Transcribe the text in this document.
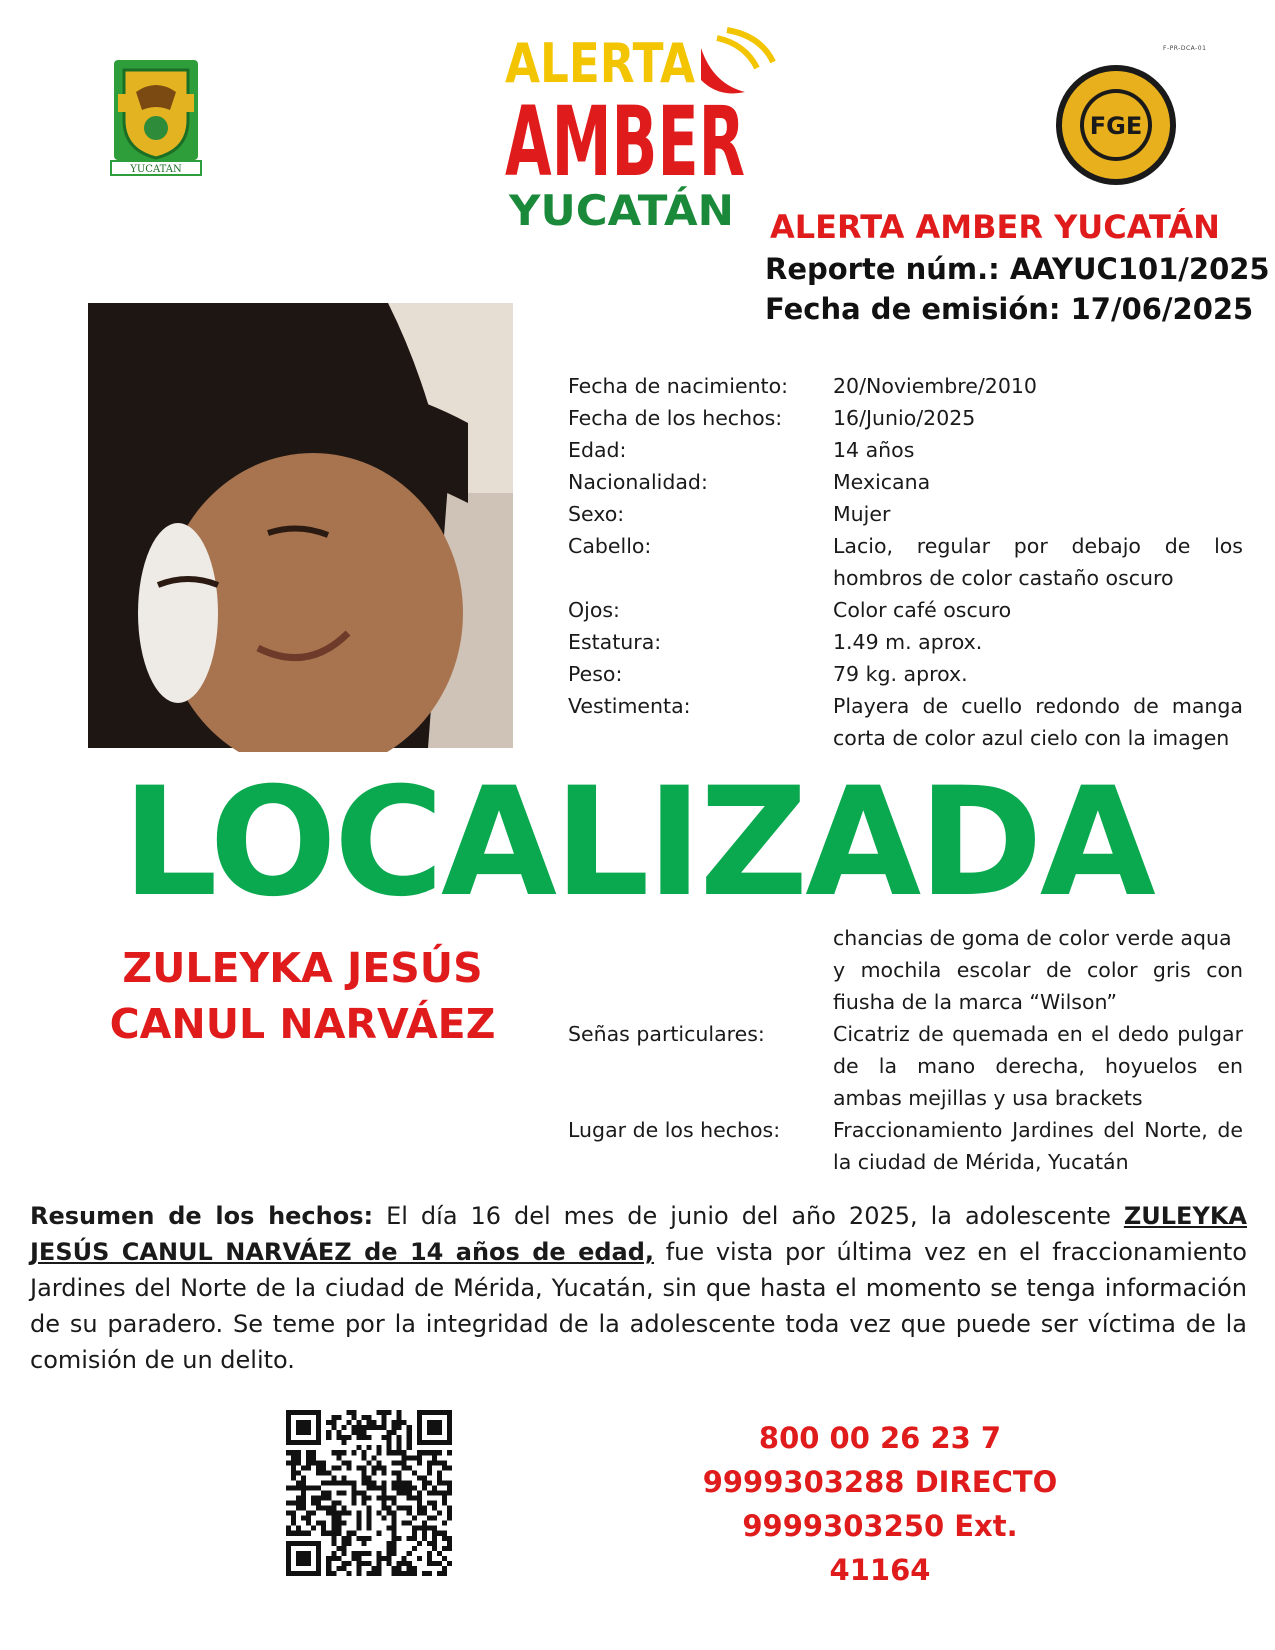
YUCATAN
F-PR-DCA-01
FGE
ALERTA
AMBER
YUCATÁN ALERTA AMBER YUCATÁN
Reporte núm.: AAYUC101/2025
Fecha de emisión: 17/06/2025
Fecha de nacimiento:	20/Noviembre/2010
Fecha de los hechos:	16/Junio/2025
Edad:	14 años
Nacionalidad:	Mexicana
Sexo:	Mujer
Cabello:	Lacio, regular por debajo de los hombros de color castaño oscuro
Ojos:	Color café oscuro
Estatura:	1.49 m. aprox.
Peso:	79 kg. aprox.
Vestimenta:	Playera de cuello redondo de manga corta de color azul cielo con la imagen
LOCALIZADA
chancias de goma de color verde aqua
y mochila escolar de color gris con fiusha de la marca “Wilson”
Señas particulares:	Cicatriz de quemada en el dedo pulgar de la mano derecha, hoyuelos en ambas mejillas y usa brackets
Lugar de los hechos:	Fraccionamiento Jardines del Norte, de la ciudad de Mérida, Yucatán
ZULEYKA JESÚS
CANUL NARVÁEZ
Resumen de los hechos: El día 16 del mes de junio del año 2025, la adolescente ZULEYKA JESÚS CANUL NARVÁEZ de 14 años de edad, fue vista por última vez en el fraccionamiento Jardines del Norte de la ciudad de Mérida, Yucatán, sin que hasta el momento se tenga información de su paradero. Se teme por la integridad de la adolescente toda vez que puede ser víctima de la comisión de un delito.
800 00 26 23 7
9999303288 DIRECTO
9999303250 Ext. 41164
